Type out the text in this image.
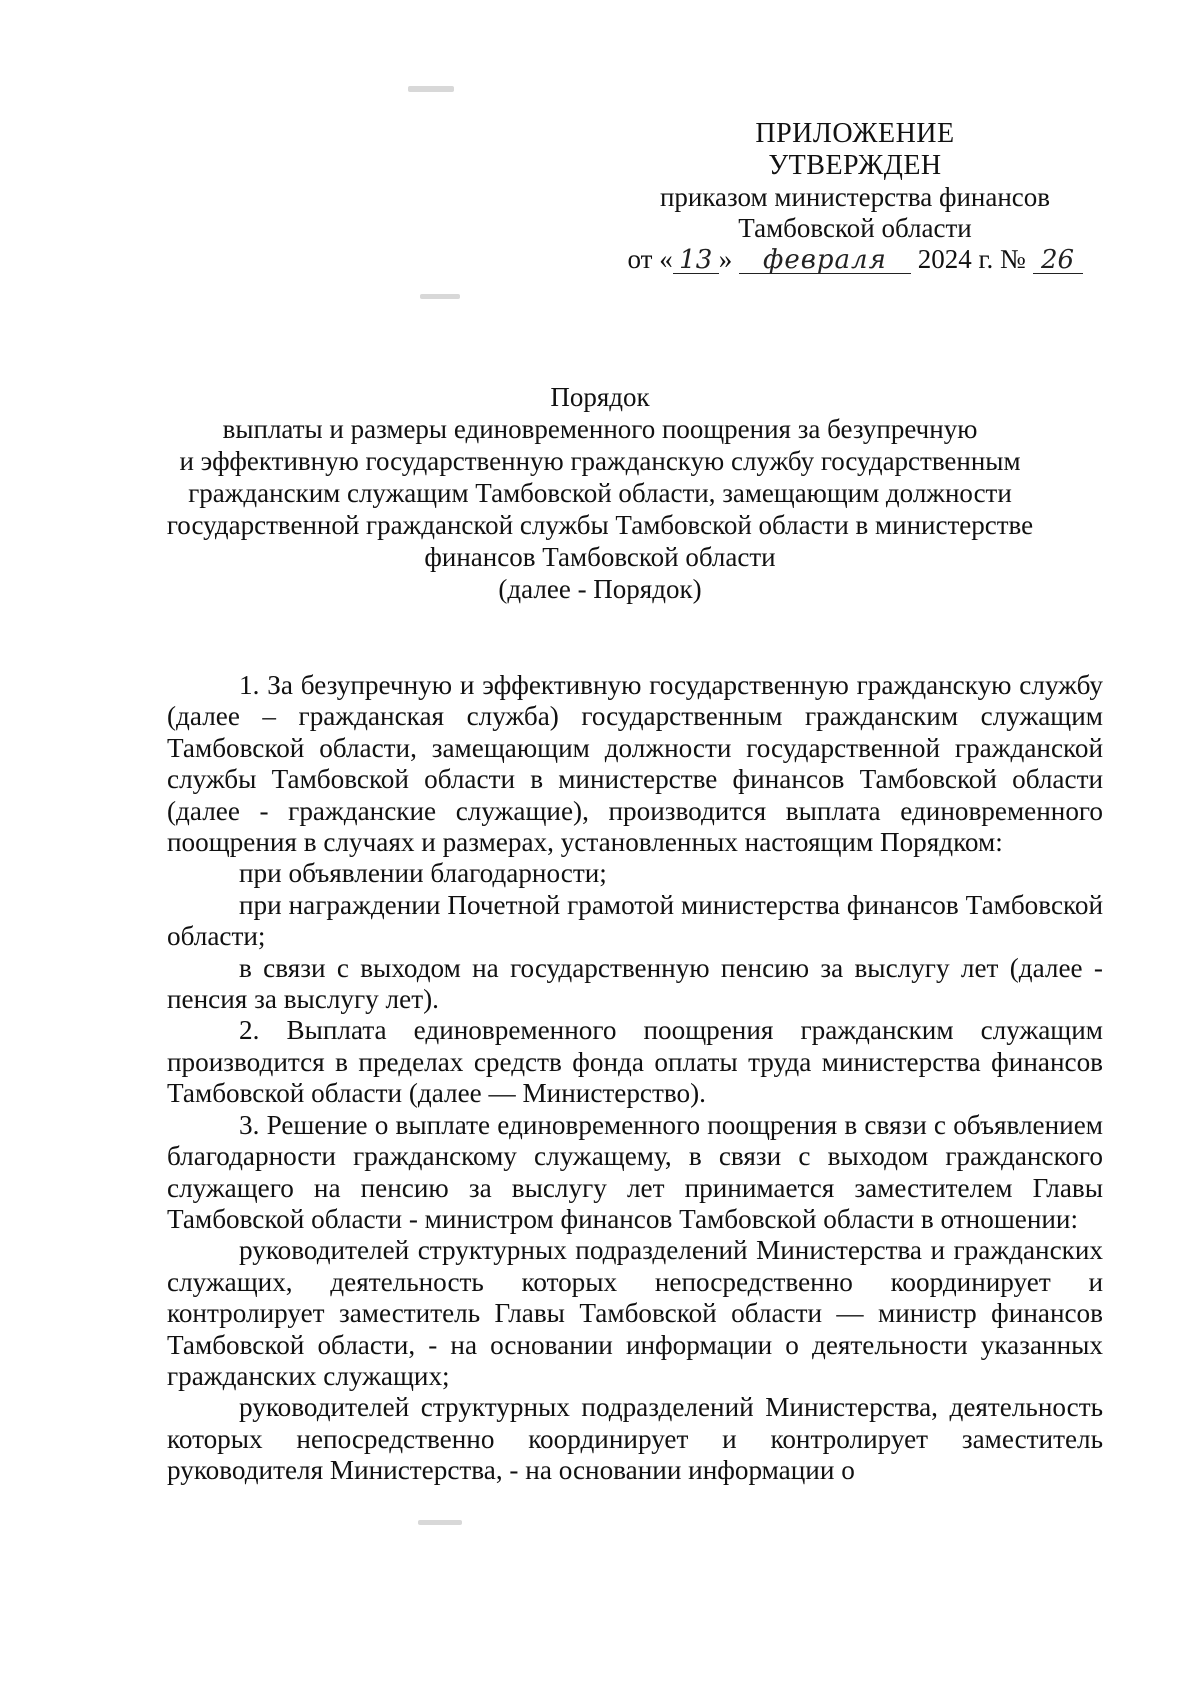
ПРИЛОЖЕНИЕ
УТВЕРЖДЕН
приказом министерства финансов
Тамбовской области
от « 13 » февраля 2024 г. № 26
Порядок
выплаты и размеры единовременного поощрения за безупречную
и эффективную государственную гражданскую службу государственным
гражданским служащим Тамбовской области, замещающим должности
государственной гражданской службы Тамбовской области в министерстве
финансов Тамбовской области
(далее - Порядок)

1. За безупречную и эффективную государственную гражданскую службу (далее – гражданская служба) государственным гражданским служащим Тамбовской области, замещающим должности государственной гражданской службы Тамбовской области в министерстве финансов Тамбовской области (далее - гражданские служащие), производится выплата единовременного поощрения в случаях и размерах, установленных настоящим Порядком:

при объявлении благодарности;

при награждении Почетной грамотой министерства финансов Тамбовской области;

в связи с выходом на государственную пенсию за выслугу лет (далее - пенсия за выслугу лет).

2. Выплата единовременного поощрения гражданским служащим производится в пределах средств фонда оплаты труда министерства финансов Тамбовской области (далее — Министерство).

3. Решение о выплате единовременного поощрения в связи с объявлением благодарности гражданскому служащему, в связи с выходом гражданского служащего на пенсию за выслугу лет принимается заместителем Главы Тамбовской области - министром финансов Тамбовской области в отношении:

руководителей структурных подразделений Министерства и гражданских служащих, деятельность которых непосредственно координирует и контролирует заместитель Главы Тамбовской области — министр финансов Тамбовской области, - на основании информации о деятельности указанных гражданских служащих;

руководителей структурных подразделений Министерства, деятельность которых непосредственно координирует и контролирует заместитель руководителя Министерства, - на основании информации о
